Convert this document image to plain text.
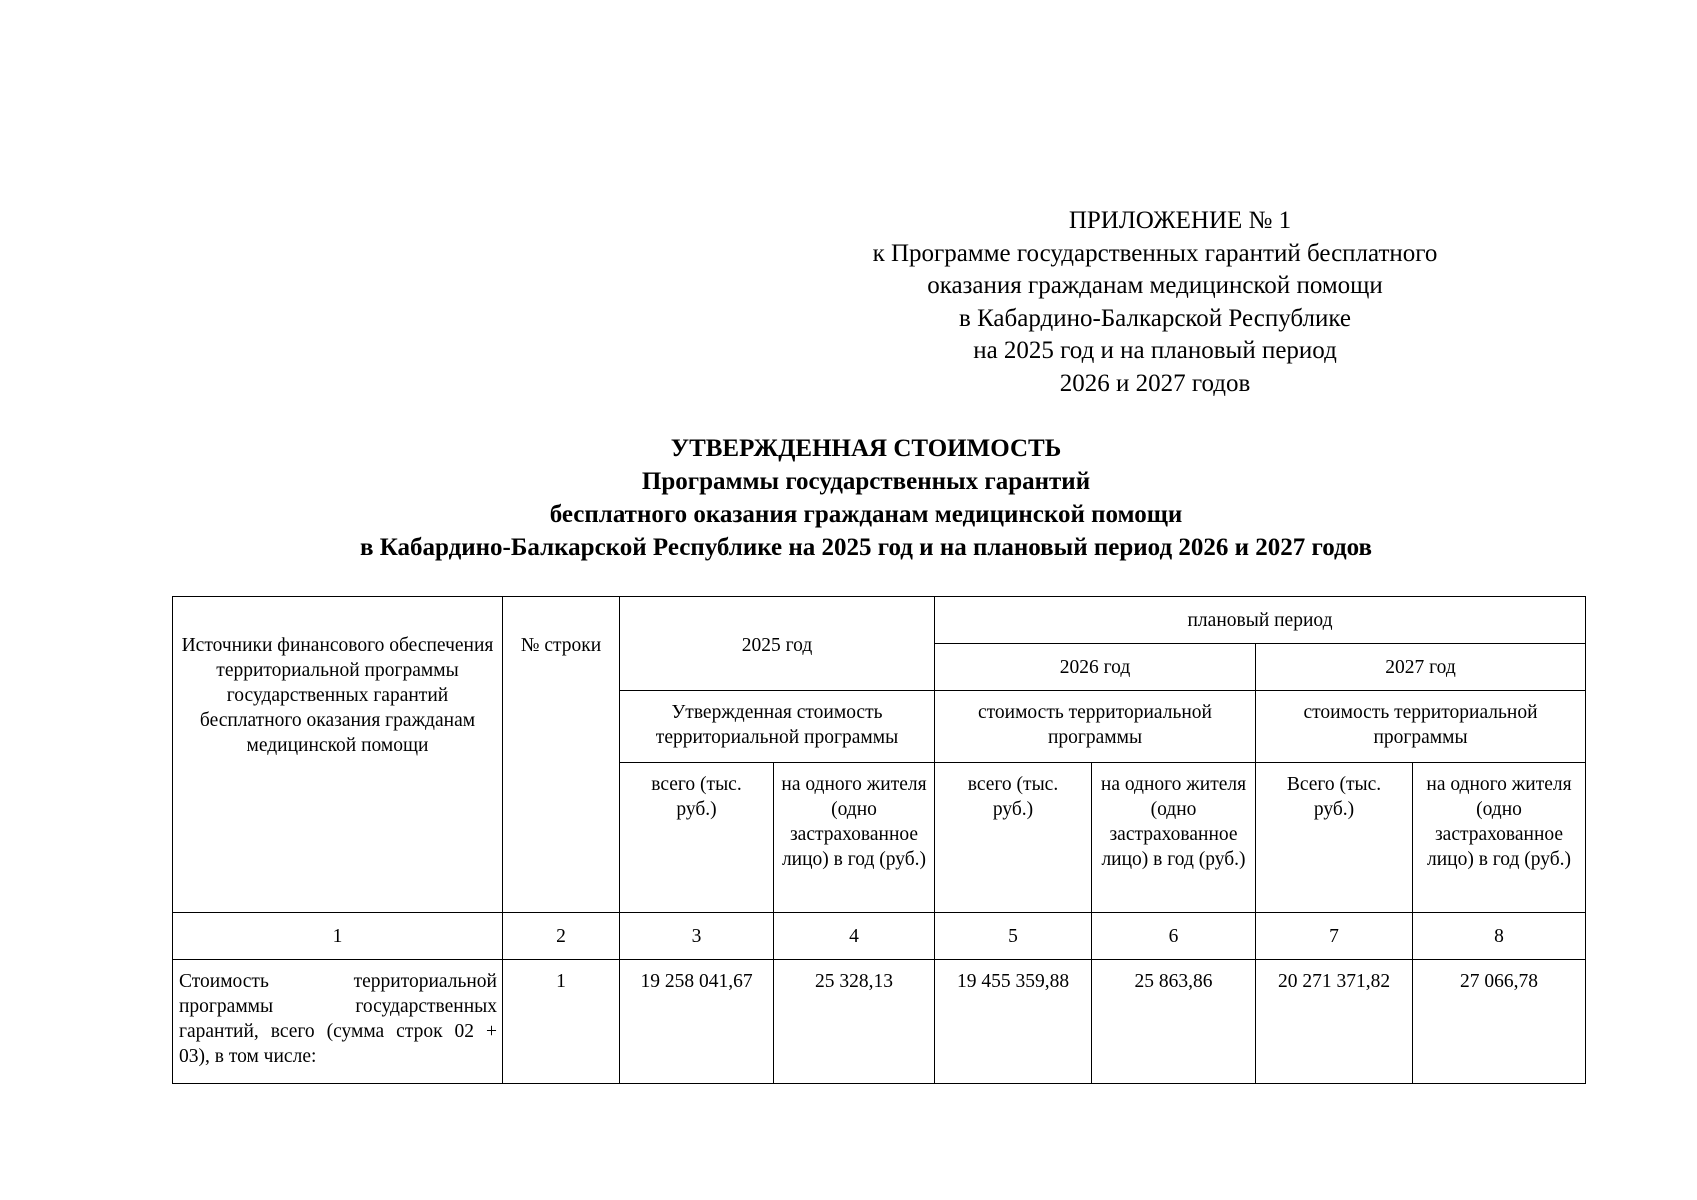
ПРИЛОЖЕНИЕ № 1
к Программе государственных гарантий бесплатного
оказания гражданам медицинской помощи
в Кабардино-Балкарской Республике
на 2025 год и на плановый период
2026 и 2027 годов
УТВЕРЖДЕННАЯ СТОИМОСТЬ
Программы государственных гарантий
бесплатного оказания гражданам медицинской помощи
в Кабардино-Балкарской Республике на 2025 год и на плановый период 2026 и 2027 годов
Источники финансового обеспечения территориальной программы государственных гарантий бесплатного оказания гражданам медицинской помощи	№ строки	2025 год		плановый период			
				2026 год		2027 год	
		Утвержденная стоимость территориальной программы		стоимость территориальной программы		стоимость территориальной программы	
		всего (тыс. руб.)	на одного жителя (одно застрахованное лицо) в год (руб.)	всего (тыс. руб.)	на одного жителя (одно застрахованное лицо) в год (руб.)	Всего (тыс. руб.)	на одного жителя (одно застрахованное лицо) в год (руб.)
1	2	3	4	5	6	7	8
Стоимость территориальной программы государственных гарантий, всего (сумма строк 02 + 03), в том числе:	1	19 258 041,67	25 328,13	19 455 359,88	25 863,86	20 271 371,82	27 066,78
